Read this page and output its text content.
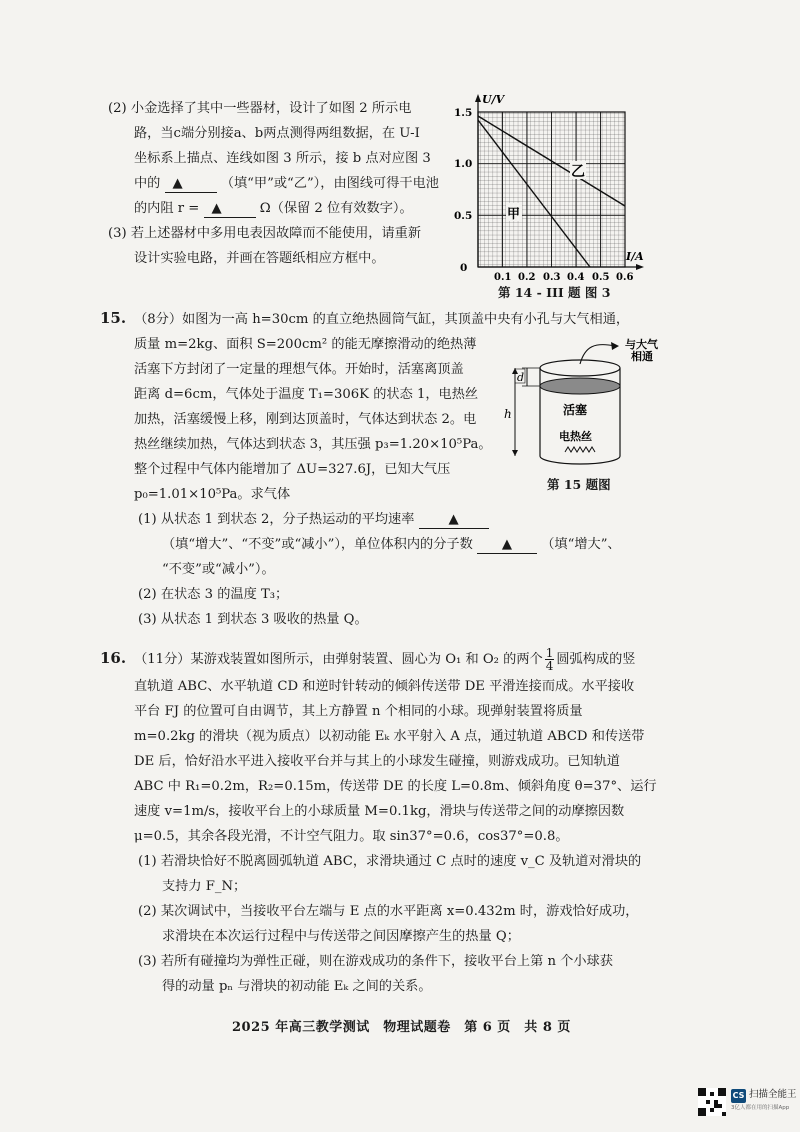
(2) 小金选择了其中一些器材，设计了如图 2 所示电
路，当c端分别接a、b两点测得两组数据，在 U-I
坐标系上描点、连线如图 3 所示，接 b 点对应图 3
中的 ▲	（填“甲”或“乙”），由图线可得干电池
的内阻 r = ▲	Ω（保留 2 位有效数字）。

(3) 若上述器材中多用电表因故障而不能使用，请重新
设计实验电路，并画在答题纸相应方框中。

乙
甲
U/V
I/A
1.5
1.0
0.5
0
0.1 0.2 0.3 0.4 0.5 0.6
第 14 - III 题 图 3

15. （8分）如图为一高 h=30cm 的直立绝热圆筒气缸，其顶盖中央有小孔与大气相通，

质量 m=2kg、面积 S=200cm² 的能无摩擦滑动的绝热薄

活塞下方封闭了一定量的理想气体。开始时，活塞离顶盖

距离 d=6cm，气体处于温度 T₁=306K 的状态 1，电热丝

加热，活塞缓慢上移，刚到达顶盖时，气体达到状态 2。电

热丝继续加热，气体达到状态 3，其压强 p₃=1.20×10⁵Pa。

整个过程中气体内能增加了 ΔU=327.6J，已知大气压

p₀=1.01×10⁵Pa。求气体

(1) 从状态 1 到状态 2，分子热运动的平均速率	▲

（填“增大”、“不变”或“减小”），单位体积内的分子数 ▲ （填“增大”、

“不变”或“减小”）。

(2) 在状态 3 的温度 T₃；

(3) 从状态 1 到状态 3 吸收的热量 Q。

与大气
相通
d
h	活塞
电热丝
第 15 题图

16. （11分）某游戏装置如图所示，由弹射装置、圆心为 O₁ 和 O₂ 的两个 $\frac{1}{4}$ 圆弧构成的竖

直轨道 ABC、水平轨道 CD 和逆时针转动的倾斜传送带 DE 平滑连接而成。水平接收

平台 FJ 的位置可自由调节，其上方静置 n 个相同的小球。现弹射装置将质量

m=0.2kg 的滑块（视为质点）以初动能 Eₖ 水平射入 A 点，通过轨道 ABCD 和传送带

DE 后，恰好沿水平进入接收平台并与其上的小球发生碰撞，则游戏成功。已知轨道

ABC 中 R₁=0.2m，R₂=0.15m，传送带 DE 的长度 L=0.8m、倾斜角度 θ=37°、运行

速度 v=1m/s，接收平台上的小球质量 M=0.1kg，滑块与传送带之间的动摩擦因数

μ=0.5，其余各段光滑，不计空气阻力。取 sin37°=0.6，cos37°=0.8。

(1) 若滑块恰好不脱离圆弧轨道 ABC，求滑块通过 C 点时的速度 v_C 及轨道对滑块的

支持力 F_N；

(2) 某次调试中，当接收平台左端与 E 点的水平距离 x=0.432m 时，游戏恰好成功，

求滑块在本次运行过程中与传送带之间因摩擦产生的热量 Q；

(3) 若所有碰撞均为弹性正碰，则在游戏成功的条件下，接收平台上第 n 个小球获

得的动量 pₙ 与滑块的初动能 Eₖ 之间的关系。

2025 年高三教学测试　物理试题卷　第 6 页　共 8 页
CS 扫描全能王
3亿人都在用的扫描App
